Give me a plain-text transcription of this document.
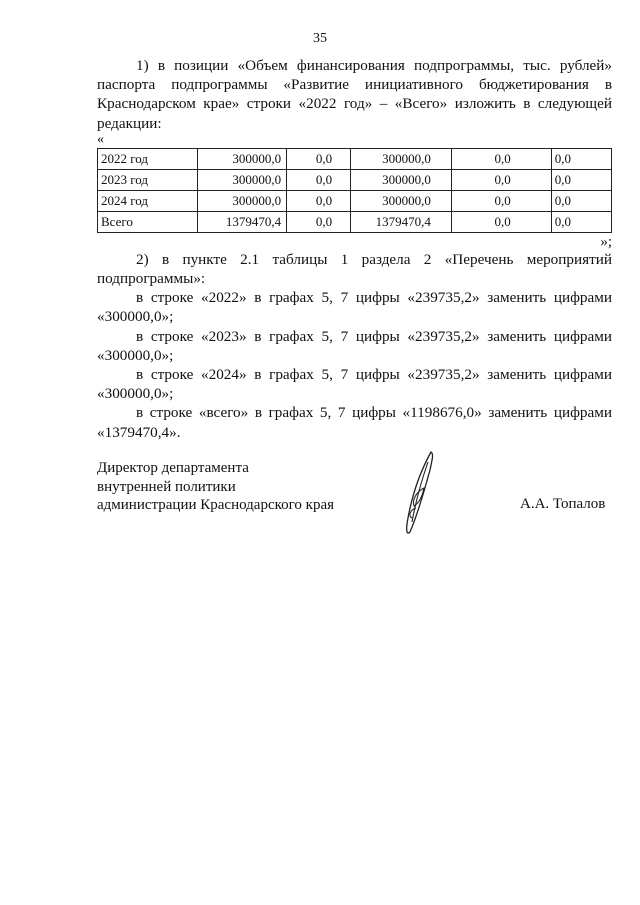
35

1) в позиции «Объем финансирования подпрограммы, тыс. рублей» паспорта подпрограммы «Развитие инициативного бюджетирования в Краснодарском крае» строки «2022 год» – «Всего» изложить в следующей редакции:

«

2022 год	300000,0	0,0	300000,0	0,0	0,0
2023 год	300000,0	0,0	300000,0	0,0	0,0
2024 год	300000,0	0,0	300000,0	0,0	0,0
Всего	1379470,4	0,0	1379470,4	0,0	0,0

»;

2) в пункте 2.1 таблицы 1 раздела 2 «Перечень мероприятий подпрограммы»:

в строке «2022» в графах 5, 7 цифры «239735,2» заменить цифрами «300000,0»;

в строке «2023» в графах 5, 7 цифры «239735,2» заменить цифрами «300000,0»;

в строке «2024» в графах 5, 7 цифры «239735,2» заменить цифрами «300000,0»;

в строке «всего» в графах 5, 7 цифры «1198676,0» заменить цифрами «1379470,4».

Директор департамента
внутренней политики
администрации Краснодарского края	А.А. Топалов
